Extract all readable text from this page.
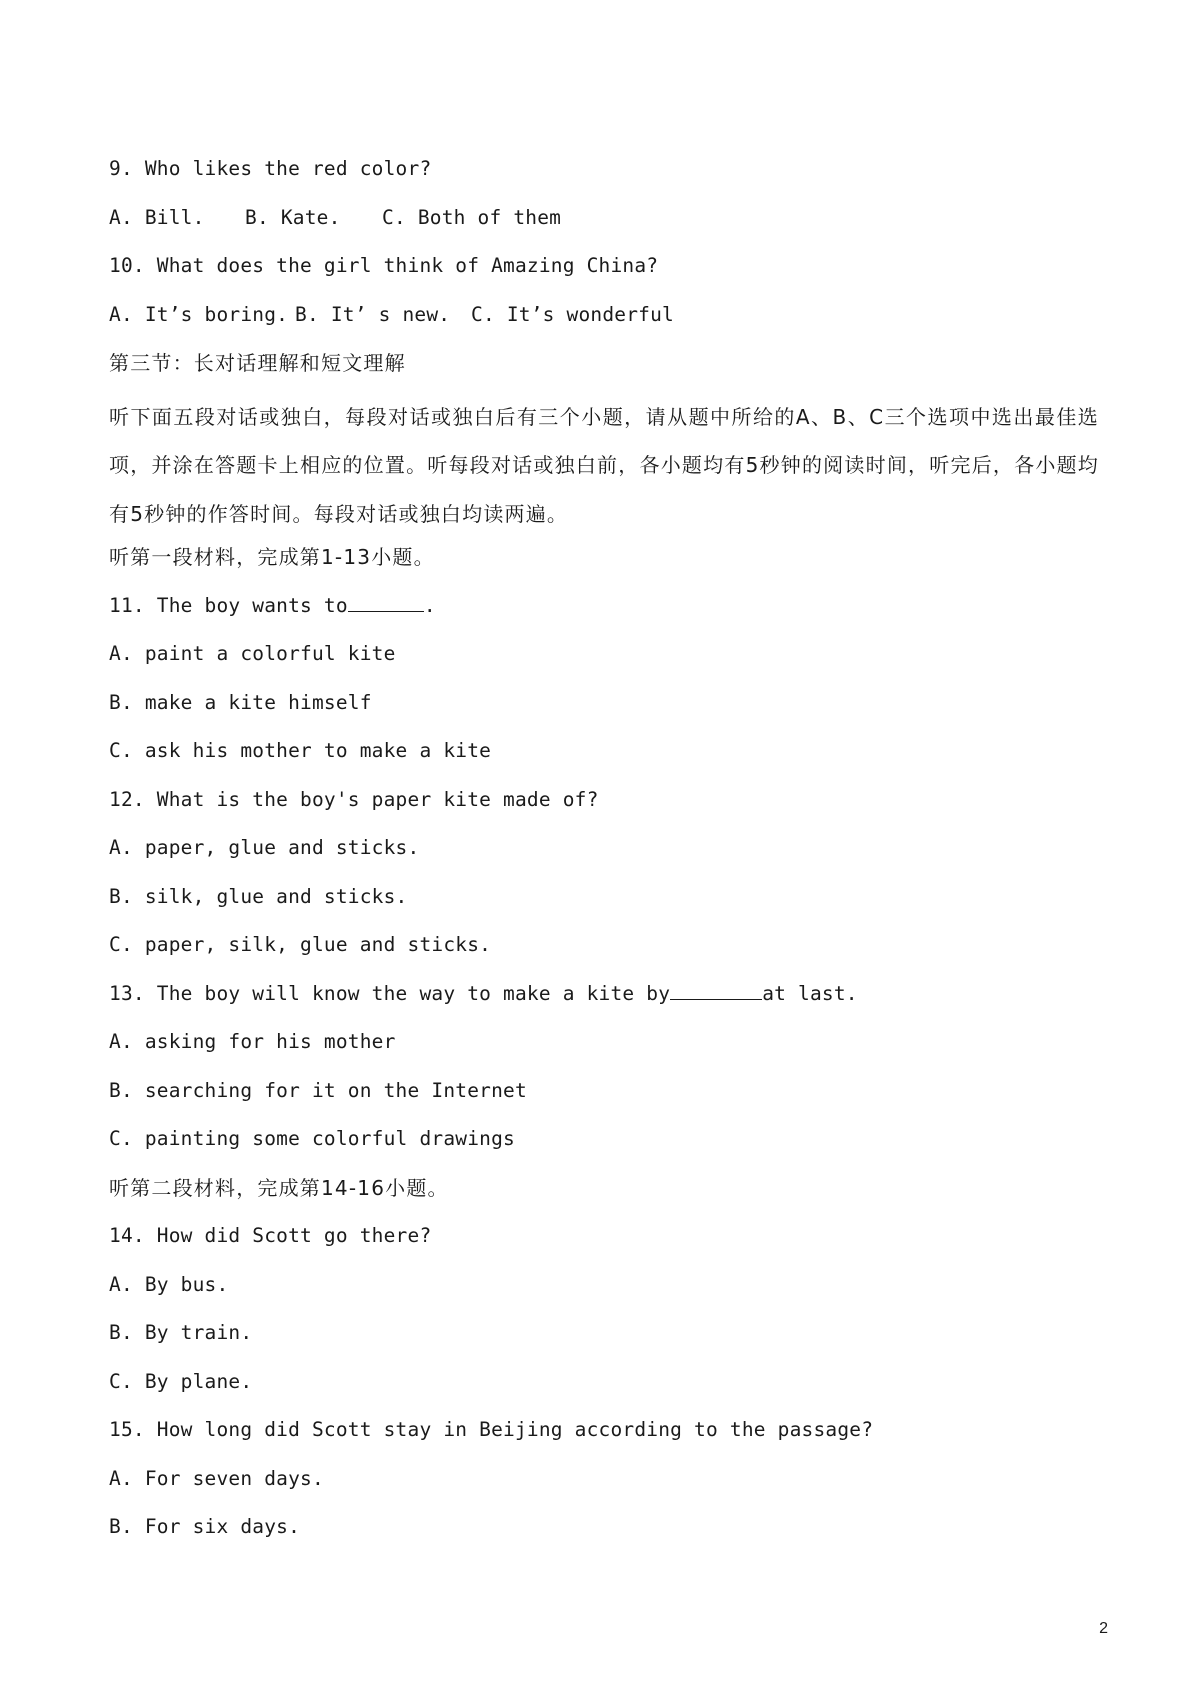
9. Who likes the red color?
A. Bill. B. Kate. C. Both of them
10. What does the girl think of Amazing China?
A. It’s boring. B. It’ s new. C. It’s wonderful
第三节：长对话理解和短文理解
听下面五段对话或独白，每段对话或独白后有三个小题，请从题中所给的A、B、C三个选项中选出最佳选项，并涂在答题卡上相应的位置。听每段对话或独白前，各小题均有5秒钟的阅读时间，听完后，各小题均有5秒钟的作答时间。每段对话或独白均读两遍。
听第一段材料，完成第1-13小题。
11. The boy wants to	.
A. paint a colorful kite
B. make a kite himself
C. ask his mother to make a kite
12. What is the boy's paper kite made of?
A. paper, glue and sticks.
B. silk, glue and sticks.
C. paper, silk, glue and sticks.
13. The boy will know the way to make a kite by	at last.
A. asking for his mother
B. searching for it on the Internet
C. painting some colorful drawings
听第二段材料，完成第14-16小题。
14. How did Scott go there?
A. By bus.
B. By train.
C. By plane.
15. How long did Scott stay in Beijing according to the passage?
A. For seven days.
B. For six days.
2
